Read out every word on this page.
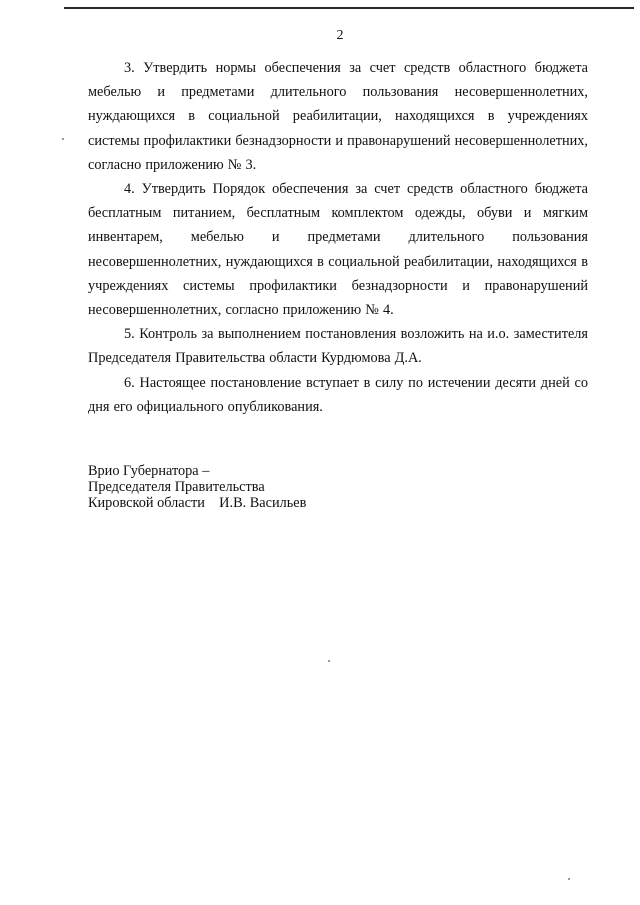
2

3. Утвердить нормы обеспечения за счет средств областного бюджета мебелью и предметами длительного пользования несовершеннолетних, нуждающихся в социальной реабилитации, находящихся в учреждениях системы профилактики безнадзорности и правонарушений несовершеннолетних, согласно приложению № 3.

4. Утвердить Порядок обеспечения за счет средств областного бюджета бесплатным питанием, бесплатным комплектом одежды, обуви и мягким инвентарем, мебелью и предметами длительного пользования несовершеннолетних, нуждающихся в социальной реабилитации, находящихся в учреждениях системы профилактики безнадзорности и правонарушений несовершеннолетних, согласно приложению № 4.

5. Контроль за выполнением постановления возложить на и.о. заместителя Председателя Правительства области Курдюмова Д.А.

6. Настоящее постановление вступает в силу по истечении десяти дней со дня его официального опубликования.

Врио Губернатора –
Председателя Правительства
Кировской области    И.В. Васильев
